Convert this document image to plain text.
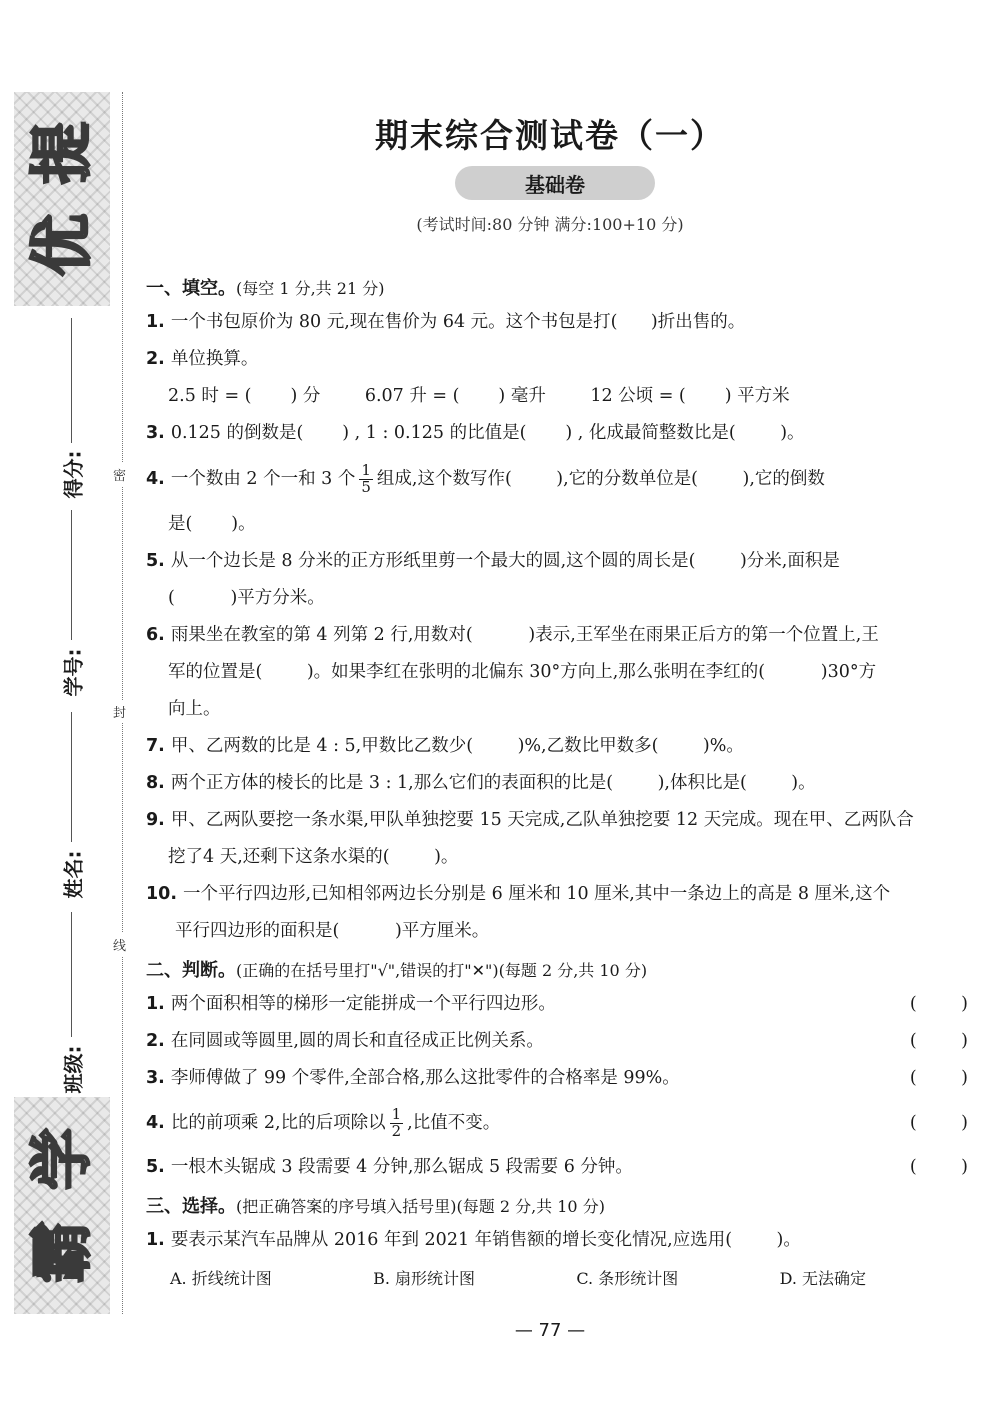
提
优
学
霸
得分:
学号:
姓名:
班级:
密
封
线
期末综合测试卷（一）
基础卷
(考试时间:80 分钟 满分:100+10 分)
一、填空。(每空 1 分,共 21 分)
1. 一个书包原价为 80 元,现在售价为 64 元。这个书包是打(      )折出售的。
2. 单位换算。
2.5 时 = (       ) 分        6.07 升 = (       ) 毫升        12 公顷 = (       ) 平方米
3. 0.125 的倒数是(       ) , 1 : 0.125 的比值是(       ) , 化成最简整数比是(        )。
4. 一个数由 2 个一和 3 个 $\frac{1}{5}$ 组成,这个数写作(        ),它的分数单位是(        ),它的倒数
是(       )。
5. 从一个边长是 8 分米的正方形纸里剪一个最大的圆,这个圆的周长是(        )分米,面积是
(          )平方分米。
6. 雨果坐在教室的第 4 列第 2 行,用数对(          )表示,王军坐在雨果正后方的第一个位置上,王
军的位置是(        )。如果李红在张明的北偏东 30°方向上,那么张明在李红的(          )30°方
向上。
7. 甲、乙两数的比是 4 : 5,甲数比乙数少(        )%,乙数比甲数多(        )%。
8. 两个正方体的棱长的比是 3 : 1,那么它们的表面积的比是(        ),体积比是(        )。
9. 甲、乙两队要挖一条水渠,甲队单独挖要 15 天完成,乙队单独挖要 12 天完成。现在甲、乙两队合
挖了4 天,还剩下这条水渠的(        )。
10. 一个平行四边形,已知相邻两边长分别是 6 厘米和 10 厘米,其中一条边上的高是 8 厘米,这个
平行四边形的面积是(          )平方厘米。
二、判断。(正确的在括号里打"√",错误的打"✕")(每题 2 分,共 10 分)
1. 两个面积相等的梯形一定能拼成一个平行四边形。	(        )
2. 在同圆或等圆里,圆的周长和直径成正比例关系。	(        )
3. 李师傅做了 99 个零件,全部合格,那么这批零件的合格率是 99%。	(        )
4. 比的前项乘 2,比的后项除以 $\frac{1}{2}$ ,比值不变。	(        )
5. 一根木头锯成 3 段需要 4 分钟,那么锯成 5 段需要 6 分钟。	(        )
三、选择。(把正确答案的序号填入括号里)(每题 2 分,共 10 分)
1. 要表示某汽车品牌从 2016 年到 2021 年销售额的增长变化情况,应选用(        )。
A. 折线统计图	B. 扇形统计图	C. 条形统计图	D. 无法确定
— 77 —
